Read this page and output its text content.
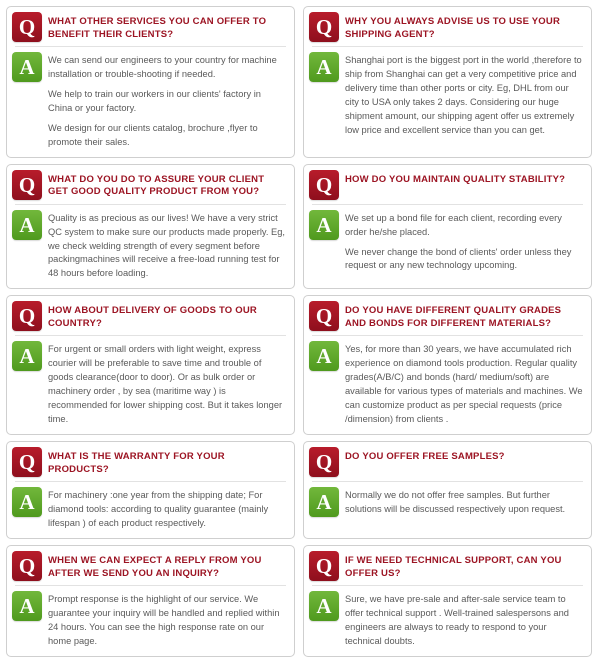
Q	WHAT OTHER SERVICES YOU CAN OFFER TO BENEFIT THEIR CLIENTS?
A	We can send our engineers to your country for machine installation or trouble-shooting if needed.

We help to train our workers in our clients' factory in China or your factory.

We design for our clients catalog, brochure ,flyer to promote their sales.

Q	WHY YOU ALWAYS ADVISE US TO USE YOUR SHIPPING AGENT?
A	Shanghai port is the biggest port in the world ,therefore to ship from Shanghai can get a very competitive price and delivery time than other ports or city. Eg, DHL from our city to USA only takes 2 days. Considering our huge shipment amount, our shipping agent offer us extremely low price and excellent service than you can get.

Q	WHAT DO YOU DO TO ASSURE YOUR CLIENT GET GOOD QUALITY PRODUCT FROM YOU?
A	Quality is as precious as our lives! We have a very strict QC system to make sure our products made properly. Eg, we check welding strength of every segment before packingmachines will receive a free-load running test for 48 hours before loading.

Q	HOW DO YOU MAINTAIN QUALITY STABILITY?
A	We set up a bond file for each client, recording every order he/she placed.

We never change the bond of clients' order unless they request or any new technology upcoming.

Q	HOW ABOUT DELIVERY OF GOODS TO OUR COUNTRY?
A	For urgent or small orders with light weight, express courier will be preferable to save time and trouble of goods clearance(door to door). Or as bulk order or machinery order , by sea (maritime way ) is recommended for lower shipping cost. But it takes longer time.

Q	DO YOU HAVE DIFFERENT QUALITY GRADES AND BONDS FOR DIFFERENT MATERIALS?
A	Yes, for more than 30 years, we have accumulated rich experience on diamond tools production. Regular quality grades(A/B/C) and bonds (hard/ medium/soft) are available for various types of materials and machines. We can customize product as per special requests (price /dimension) from clients .

Q	WHAT IS THE WARRANTY FOR YOUR PRODUCTS?
A	For machinery :one year from the shipping date; For diamond tools: according to quality guarantee (mainly lifespan ) of each product respectively.

Q	DO YOU OFFER FREE SAMPLES?
A	Normally we do not offer free samples. But further solutions will be discussed respectively upon request.

Q	WHEN WE CAN EXPECT A REPLY FROM YOU AFTER WE SEND YOU AN INQUIRY?
A	Prompt response is the highlight of our service. We guarantee your inquiry will be handled and replied within 24 hours. You can see the high response rate on our home page.

Q	IF WE NEED TECHNICAL SUPPORT, CAN YOU OFFER US?
A	Sure, we have pre-sale and after-sale service team to offer technical support . Well-trained salespersons and engineers are always to ready to respond to your technical doubts.
